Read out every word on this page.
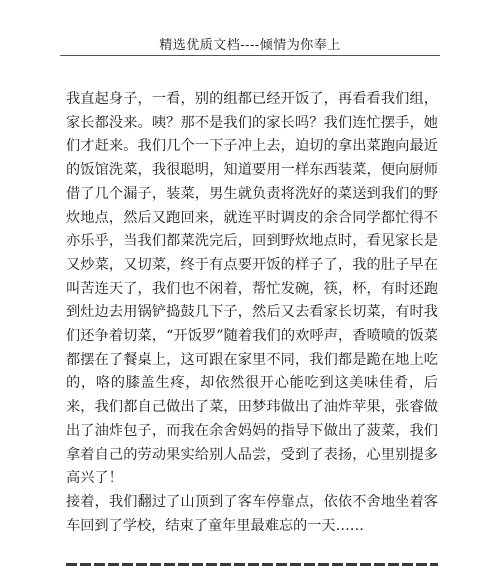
精选优质文档----倾情为你奉上

我直起身子，一看，别的组都已经开饭了，再看看我们组，家长都没来。咦？那不是我们的家长吗？我们连忙摆手，她们才赶来。我们几个一下子冲上去，迫切的拿出菜跑向最近的饭馆洗菜，我很聪明，知道要用一样东西装菜，便向厨师借了几个漏子，装菜，男生就负责将洗好的菜送到我们的野炊地点，然后又跑回来，就连平时调皮的余合同学都忙得不亦乐乎，当我们都菜洗完后，回到野炊地点时，看见家长是又炒菜，又切菜，终于有点要开饭的样子了，我的肚子早在叫苦连天了，我们也不闲着，帮忙发碗，筷，杯，有时还跑到灶边去用锅铲捣鼓几下子，然后又去看家长切菜，有时我们还争着切菜，“开饭罗”随着我们的欢呼声，香喷喷的饭菜都摆在了餐桌上，这可跟在家里不同，我们都是跪在地上吃的，咯的膝盖生疼，却依然很开心能吃到这美味佳肴，后来，我们都自己做出了菜，田梦玮做出了油炸苹果，张睿做出了油炸包子，而我在余舍妈妈的指导下做出了菠菜，我们拿着自己的劳动果实给别人品尝，受到了表扬，心里别提多高兴了！

接着，我们翻过了山顶到了客车停靠点，依依不舍地坐着客车回到了学校，结束了童年里最难忘的一天……
